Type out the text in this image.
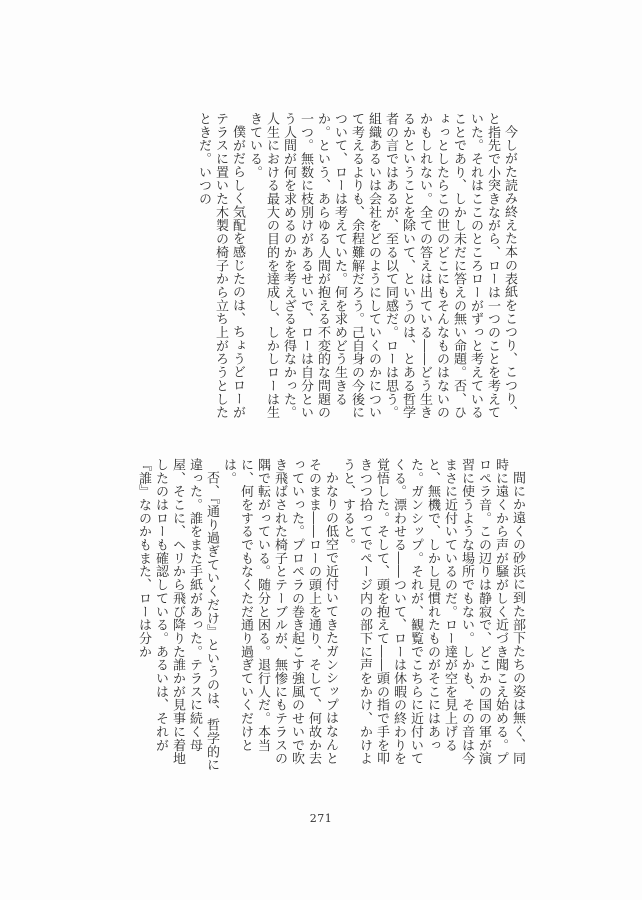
今しがた読み終えた本の表紙をこつり、こつり、と指先で小突きながら、ローは一つのことを考えていた。それはここのところローがずっと考えていることであり、しかし未だに答えの無い命題。否、ひょっとしたらこの世のどこにもそんなものはないのかもしれない。全ての答えは出ている――どう生きるかということを除いて、というのは、とある哲学者の言ではあるが、至る以て同感だ。ローは思う。組織あるいは会社をどのようにしていくのかについて考えるよりも、余程難解だろう。己自身の今後について、ローは考えていた。何を求めどう生きるか。という、あらゆる人間が抱える不変的な問題の一つ。無数に枝別けがあるせいで、ローは自分という人間が何を求めるのかを考えざるを得なかった。人生における最大の目的を達成し、しかしローは生きている。

僕がだらしく気配を感じたのは、ちょうどローがテラスに置いた木製の椅子から立ち上がろうとしたときだ。いつの

間にか遠くの砂浜に到た部下たちの姿は無く、同時に遠くから声が騒がしく近づき聞こえ始める。プロペラ音。この辺りは静寂で、どこかの国の軍が演習に使うような場所でもない。しかも、その音は今まさに近付いているのだ。ロー達が空を見上げると、無機で、しかし見慣れたものがそこにはあった。ガンシップ。それが、観覧でこちらに近付いてくる。漂わせる――ついて、ローは休暇の終わりを覚悟した。そして、頭を抱えて――頭の指で手を叩きつつ拾ってでページ内の部下に声をかけ、かけようと、すると。

かなりの低空で近付いてきたガンシップはなんとそのまま――ローの頭上を通り、そして、何故か去っていった。プロペラの巻き起こす強風のせいで吹き飛ばされた椅子とテーブルが、無惨にもテラスの隅で転がっている。随分と困る。退行人だ。本当に、何をするでもなくただ通り過ぎていくだけとは。

否、『通り過ぎていくだけ』というのは、哲学的に違った。誰をまた手紙があった。テラスに続く母屋、そこに、ヘリから飛び降りた誰かが見事に着地したのはローも確認している。あるいは、それが『誰』なのかもまた、ローは分か

271
